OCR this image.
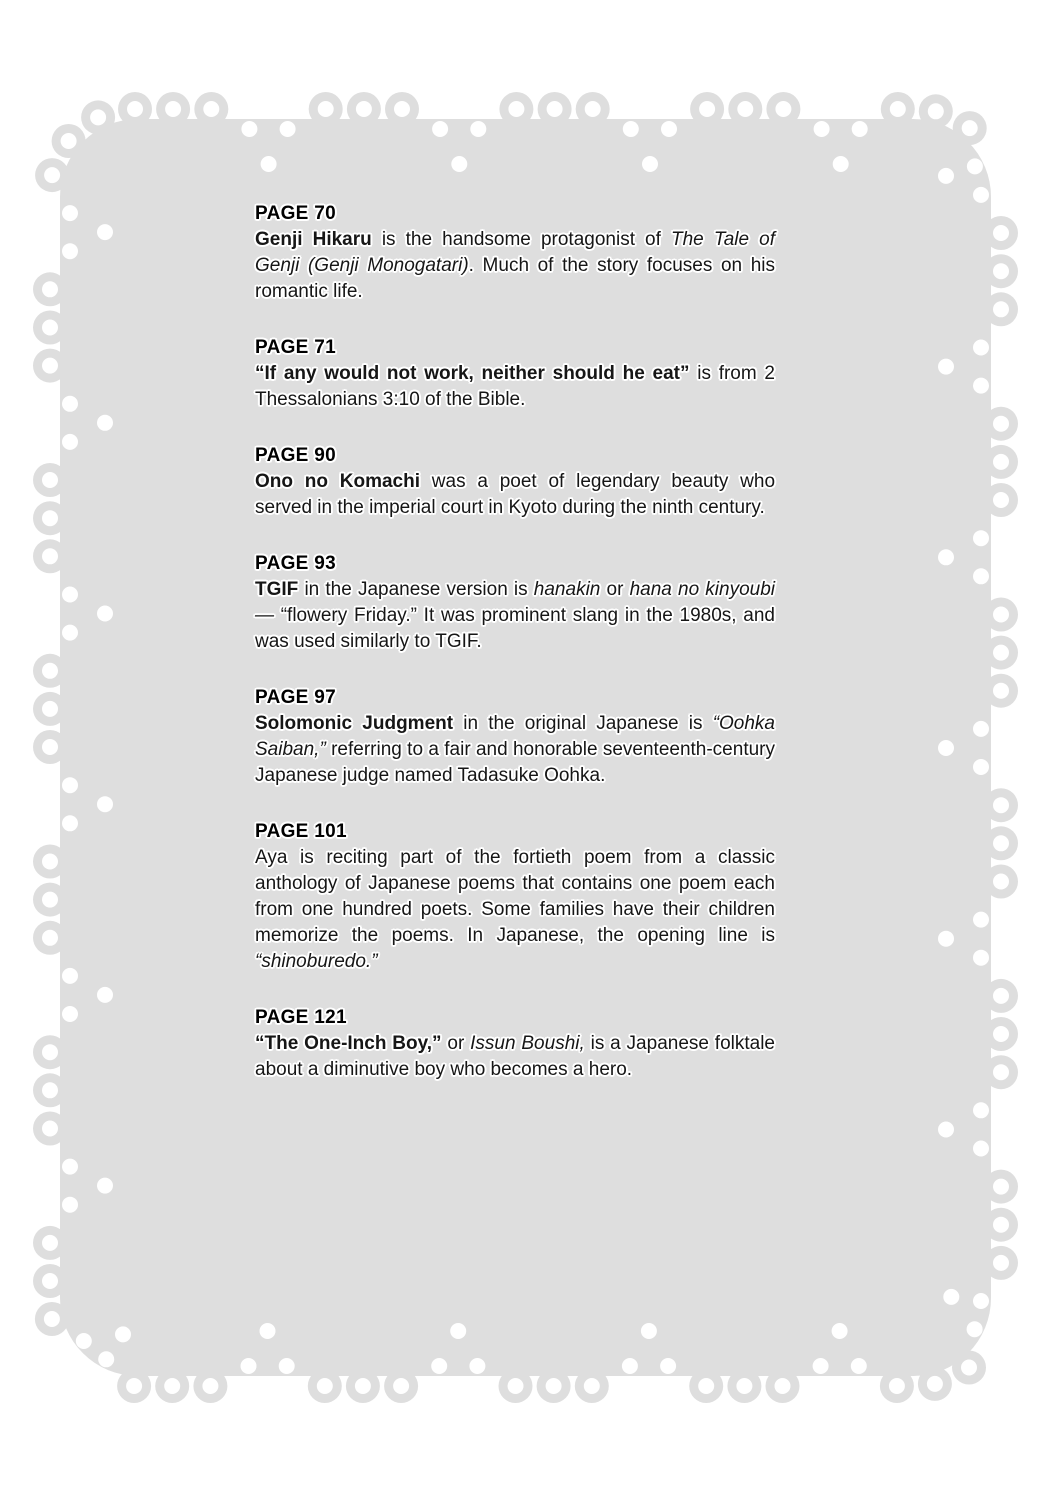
PAGE 70

Genji Hikaru is the handsome protagonist of The Tale of Genji (Genji Monogatari). Much of the story focuses on his romantic life.

PAGE 71

“If any would not work, neither should he eat” is from 2 Thessalonians 3:10 of the Bible.

PAGE 90

Ono no Komachi was a poet of legendary beauty who served in the imperial court in Kyoto during the ninth century.

PAGE 93

TGIF in the Japanese version is hanakin or hana no kinyoubi— “flowery Friday.” It was prominent slang in the 1980s, and was used similarly to TGIF.

PAGE 97

Solomonic Judgment in the original Japanese is “Oohka Saiban,” referring to a fair and honorable seventeenth-century Japanese judge named Tadasuke Oohka.

PAGE 101

Aya is reciting part of the fortieth poem from a classic anthology of Japanese poems that contains one poem each from one hundred poets. Some families have their children memorize the poems. In Japanese, the opening line is “shinoburedo.”

PAGE 121

“The One-Inch Boy,” or Issun Boushi, is a Japanese folktale about a diminutive boy who becomes a hero.
